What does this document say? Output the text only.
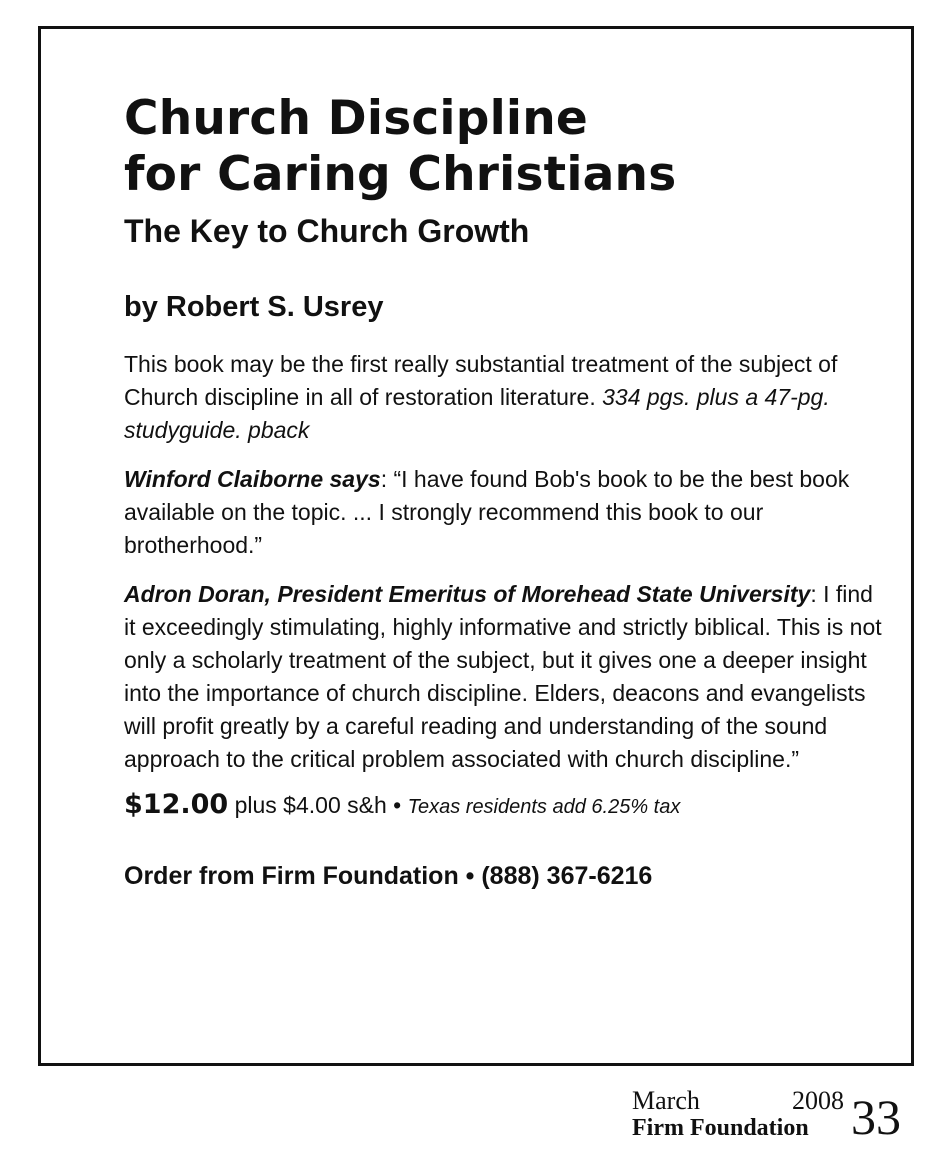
Church Discipline
for Caring Christians
The Key to Church Growth
by Robert S. Usrey

This book may be the first really substantial treatment of the subject of Church discipline in all of restoration literature. 334 pgs. plus a 47-pg. studyguide. pback

Winford Claiborne says: “I have found Bob's book to be the best book available on the topic. ... I strongly recommend this book to our brotherhood.”

Adron Doran, President Emeritus of Morehead State University: I find it exceedingly stimulating, highly informative and strictly biblical. This is not only a scholarly treatment of the subject, but it gives one a deeper insight into the importance of church discipline. Elders, deacons and evangelists will profit greatly by a careful reading and understanding of the sound approach to the critical problem associated with church discipline.”

$12.00 plus $4.00 s&h • Texas residents add 6.25% tax
Order from Firm Foundation • (888) 367-6216
March	2008
Firm Foundation 33
